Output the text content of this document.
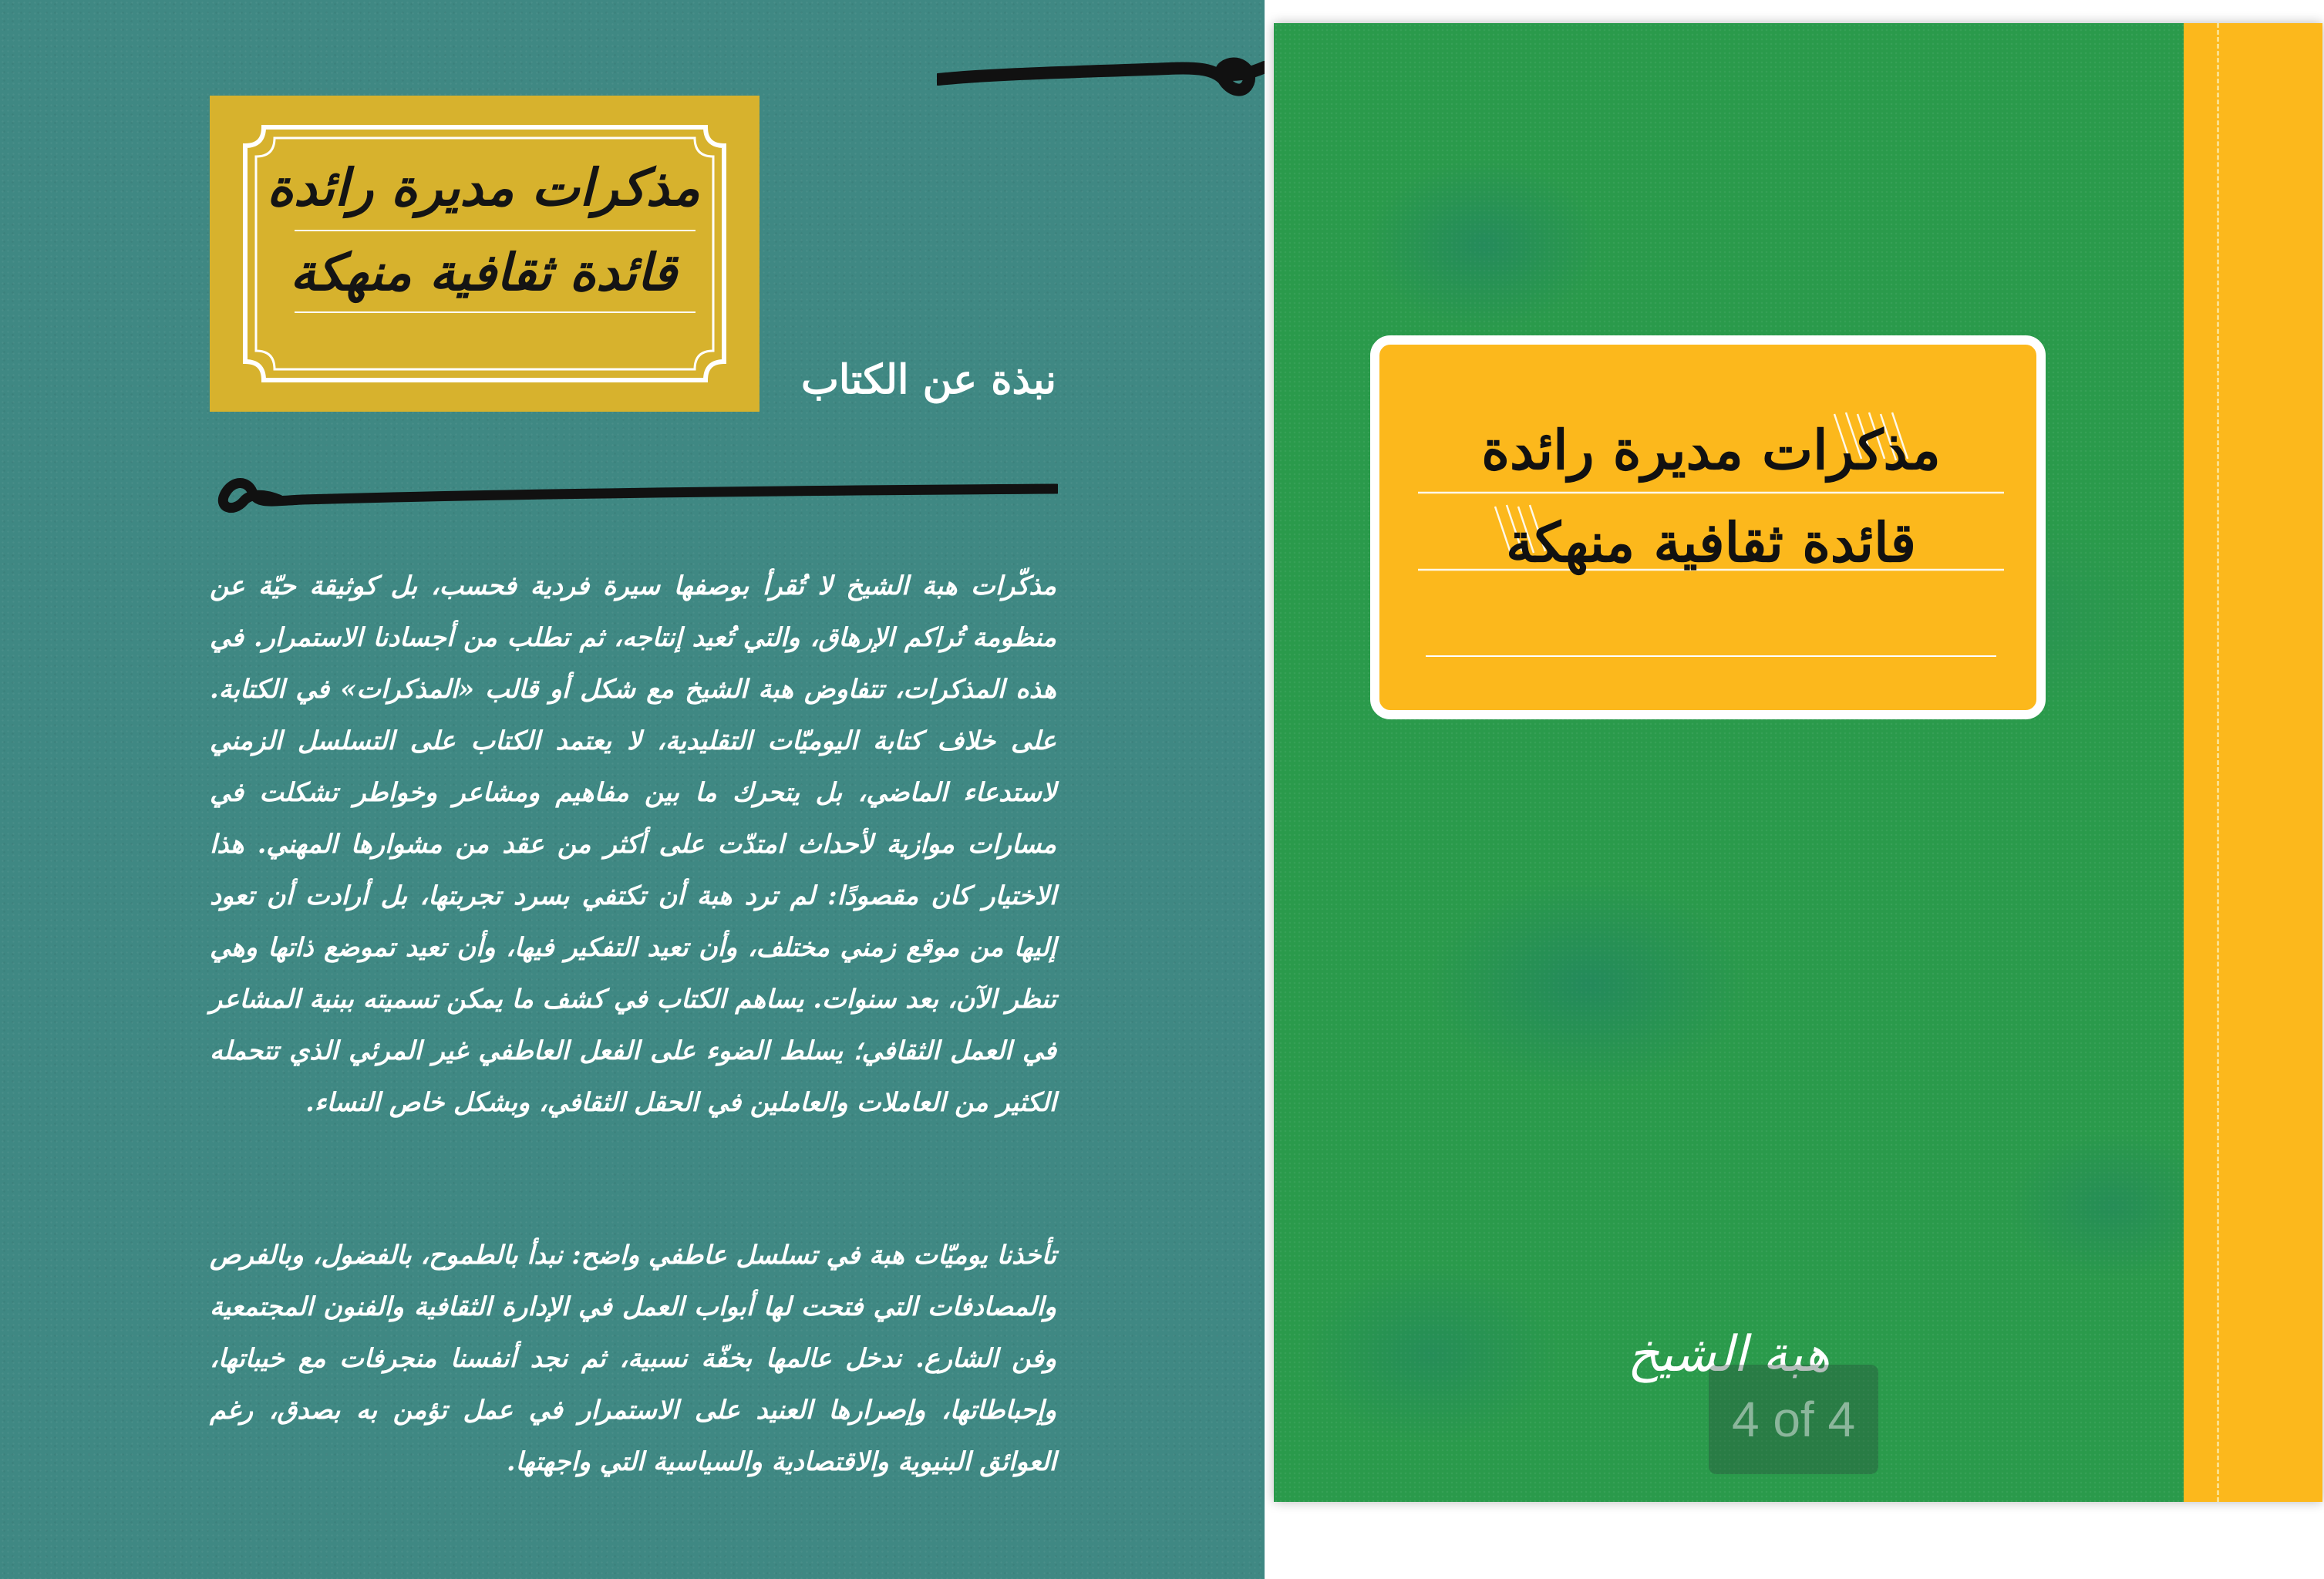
مذكرات مديرة رائدة
قائدة ثقافية منهكة
نبذة عن الكتاب
مذكّرات هبة الشيخ لا تُقرأ بوصفها سيرة فردية فحسب، بل كوثيقة حيّة عن منظومة تُراكم الإرهاق، والتي تُعيد إنتاجه، ثم تطلب من أجسادنا الاستمرار. في هذه المذكرات، تتفاوض هبة الشيخ مع شكل أو قالب «المذكرات» في الكتابة. على خلاف كتابة اليوميّات التقليدية، لا يعتمد الكتاب على التسلسل الزمني لاستدعاء الماضي، بل يتحرك ما بين مفاهيم ومشاعر وخواطر تشكلت في مسارات موازية لأحداث امتدّت على أكثر من عقد من مشوارها المهني. هذا الاختيار كان مقصودًا: لم ترد هبة أن تكتفي بسرد تجربتها، بل أرادت أن تعود إليها من موقع زمني مختلف، وأن تعيد التفكير فيها، وأن تعيد تموضع ذاتها وهي تنظر الآن، بعد سنوات. يساهم الكتاب في كشف ما يمكن تسميته ببنية المشاعر في العمل الثقافي؛ يسلط الضوء على الفعل العاطفي غير المرئي الذي تتحمله الكثير من العاملات والعاملين في الحقل الثقافي، وبشكل خاص النساء.
تأخذنا يوميّات هبة في تسلسل عاطفي واضح: نبدأ بالطموح، بالفضول، وبالفرص والمصادفات التي فتحت لها أبواب العمل في الإدارة الثقافية والفنون المجتمعية وفن الشارع. ندخل عالمها بخفّة نسبية، ثم نجد أنفسنا منجرفات مع خيباتها، وإحباطاتها، وإصرارها العنيد على الاستمرار في عمل تؤمن به بصدق، رغم العوائق البنيوية والاقتصادية والسياسية التي واجهتها.
مذكرات مديرة رائدة
قائدة ثقافية منهكة
هبة الشيخ
4 of 4
